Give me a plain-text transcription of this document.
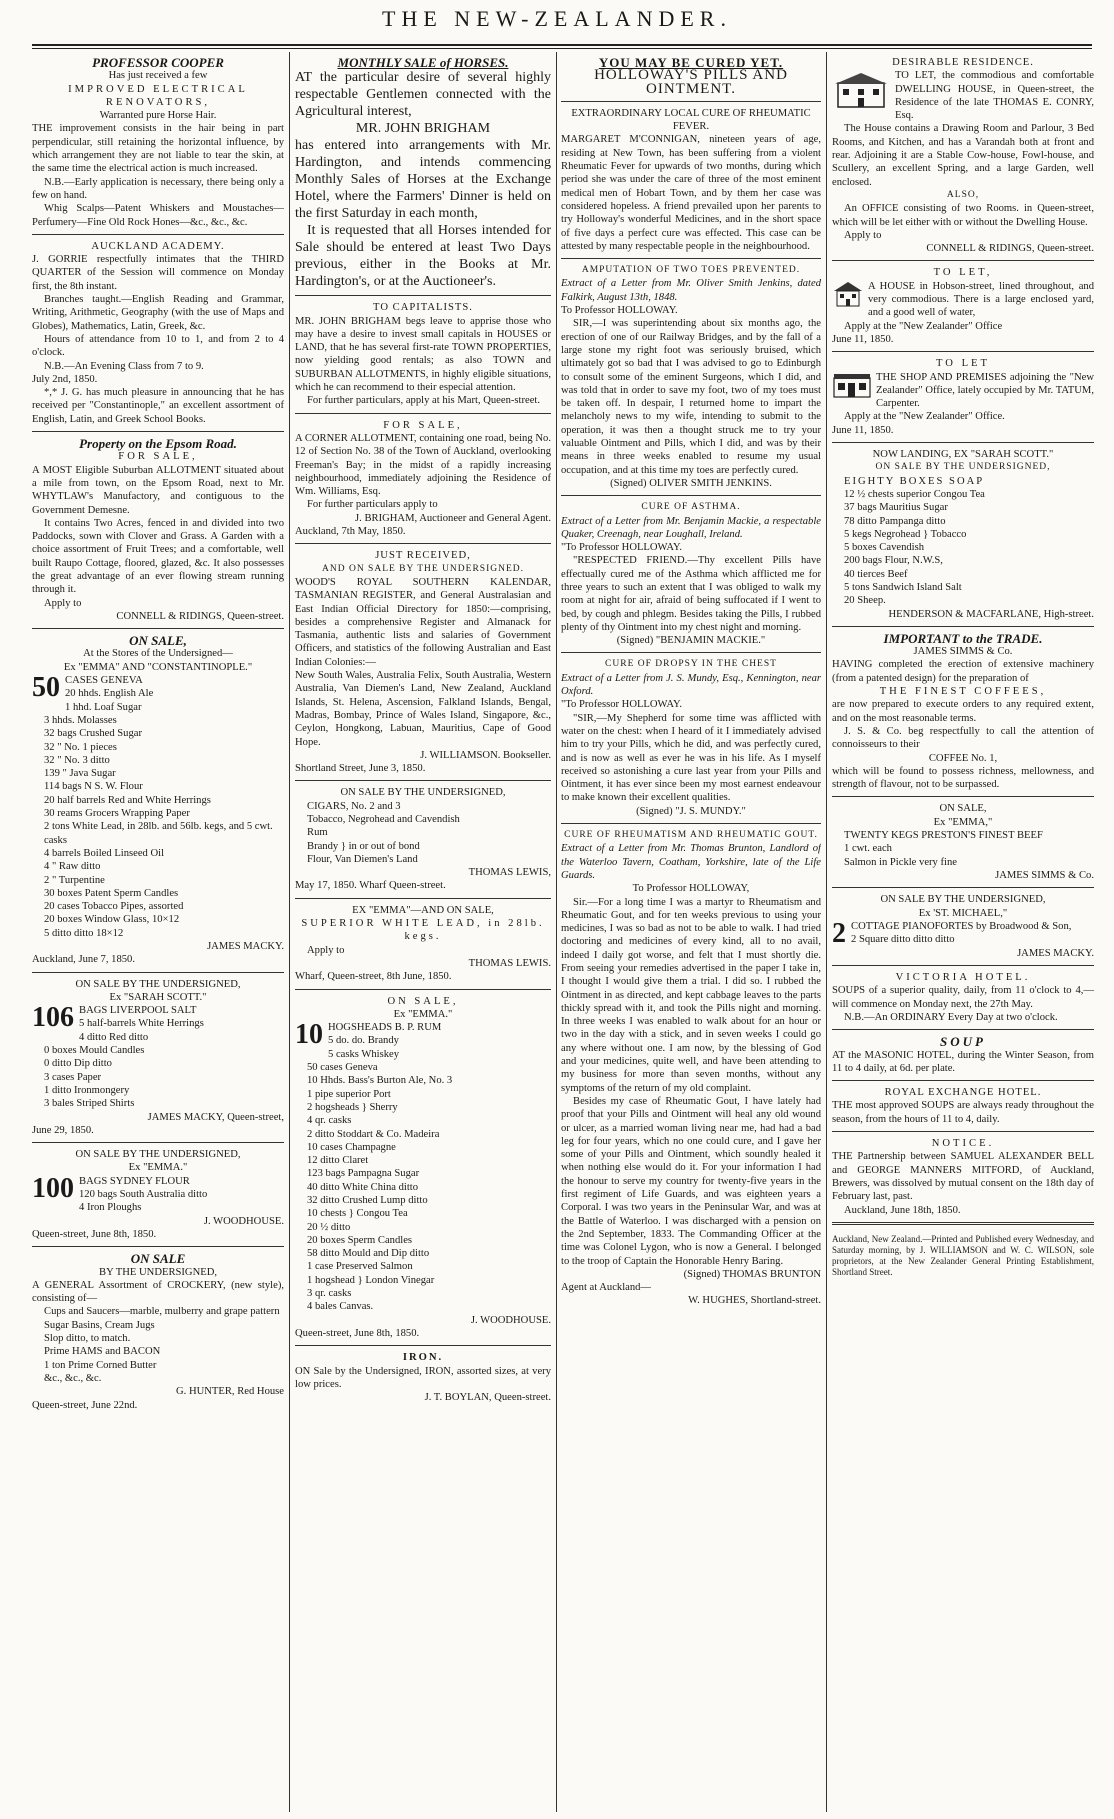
THE NEW-ZEALANDER.

PROFESSOR COOPER

Has just received a few

IMPROVED ELECTRICAL RENOVATORS,

Warranted pure Horse Hair.

THE improvement consists in the hair being in part perpendicular, still retaining the horizontal influence, by which arrangement they are not liable to tear the skin, at the same time the electrical action is much increased.

N.B.—Early application is necessary, there being only a few on hand.

Whig Scalps—Patent Whiskers and Moustaches—Perfumery—Fine Old Rock Hones—&c., &c., &c.

AUCKLAND ACADEMY.

J. GORRIE respectfully intimates that the THIRD QUARTER of the Session will commence on Monday first, the 8th instant.

Branches taught.—English Reading and Grammar, Writing, Arithmetic, Geography (with the use of Maps and Globes), Mathematics, Latin, Greek, &c.

Hours of attendance from 10 to 1, and from 2 to 4 o'clock.

N.B.—An Evening Class from 7 to 9.

July 2nd, 1850.

*,* J. G. has much pleasure in announcing that he has received per "Constantinople," an excellent assortment of English, Latin, and Greek School Books.

Property on the Epsom Road.

FOR SALE,

A MOST Eligible Suburban ALLOTMENT situated about a mile from town, on the Epsom Road, next to Mr. WHYTLAW's Manufactory, and contiguous to the Government Demesne.

It contains Two Acres, fenced in and divided into two Paddocks, sown with Clover and Grass. A Garden with a choice assortment of Fruit Trees; and a comfortable, well built Raupo Cottage, floored, glazed, &c. It also possesses the great advantage of an ever flowing stream running through it.

Apply to

CONNELL & RIDINGS, Queen-street.

ON SALE,

At the Stores of the Undersigned—

Ex "EMMA" AND "CONSTANTINOPLE."

50 CASES GENEVA

20 hhds. English Ale

1 hhd. Loaf Sugar

3 hhds. Molasses

32 bags Crushed Sugar

32 " No. 1 pieces

32 " No. 3 ditto

139 " Java Sugar

114 bags N S. W. Flour

20 half barrels Red and White Herrings

30 reams Grocers Wrapping Paper

2 tons White Lead, in 28lb. and 56lb. kegs, and 5 cwt. casks

4 barrels Boiled Linseed Oil

4 " Raw ditto

2 " Turpentine

30 boxes Patent Sperm Candles

20 cases Tobacco Pipes, assorted

20 boxes Window Glass, 10×12

5 ditto ditto 18×12

JAMES MACKY.

Auckland, June 7, 1850.

ON SALE BY THE UNDERSIGNED,

Ex "SARAH SCOTT."

106 BAGS LIVERPOOL SALT

5 half-barrels White Herrings

4 ditto Red ditto

0 boxes Mould Candles

0 ditto Dip ditto

3 cases Paper

1 ditto Ironmongery

3 bales Striped Shirts

JAMES MACKY, Queen-street,

June 29, 1850.

ON SALE BY THE UNDERSIGNED,

Ex "EMMA."

100 BAGS SYDNEY FLOUR

120 bags South Australia ditto

4 Iron Ploughs

J. WOODHOUSE.

Queen-street, June 8th, 1850.

ON SALE

BY THE UNDERSIGNED,

A GENERAL Assortment of CROCKERY, (new style), consisting of—

Cups and Saucers—marble, mulberry and grape pattern

Sugar Basins, Cream Jugs

Slop ditto, to match.

Prime HAMS and BACON

1 ton Prime Corned Butter

&c., &c., &c.

G. HUNTER, Red House

Queen-street, June 22nd.

MONTHLY SALE of HORSES.

AT the particular desire of several highly respectable Gentlemen connected with the Agricultural interest,

MR. JOHN BRIGHAM

has entered into arrangements with Mr. Hardington, and intends commencing Monthly Sales of Horses at the Exchange Hotel, where the Farmers' Dinner is held on the first Saturday in each month,

It is requested that all Horses intended for Sale should be entered at least Two Days previous, either in the Books at Mr. Hardington's, or at the Auctioneer's.

TO CAPITALISTS.

MR. JOHN BRIGHAM begs leave to apprise those who may have a desire to invest small capitals in HOUSES or LAND, that he has several first-rate TOWN PROPERTIES, now yielding good rentals; as also TOWN and SUBURBAN ALLOTMENTS, in highly eligible situations, which he can recommend to their especial attention.

For further particulars, apply at his Mart, Queen-street.

FOR SALE,

A CORNER ALLOTMENT, containing one road, being No. 12 of Section No. 38 of the Town of Auckland, overlooking Freeman's Bay; in the midst of a rapidly increasing neighbourhood, immediately adjoining the Residence of Wm. Williams, Esq.

For further particulars apply to

J. BRIGHAM, Auctioneer and General Agent.

Auckland, 7th May, 1850.

JUST RECEIVED,

AND ON SALE BY THE UNDERSIGNED.

WOOD'S ROYAL SOUTHERN KALENDAR, TASMANIAN REGISTER, and General Australasian and East Indian Official Directory for 1850:—comprising, besides a comprehensive Register and Almanack for Tasmania, authentic lists and salaries of Government Officers, and statistics of the following Australian and East Indian Colonies:—

New South Wales, Australia Felix, South Australia, Western Australia, Van Diemen's Land, New Zealand, Auckland Islands, St. Helena, Ascension, Falkland Islands, Bengal, Madras, Bombay, Prince of Wales Island, Singapore, &c., Ceylon, Hongkong, Labuan, Mauritius, Cape of Good Hope.

J. WILLIAMSON. Bookseller.

Shortland Street, June 3, 1850.

ON SALE BY THE UNDERSIGNED,

CIGARS, No. 2 and 3

Tobacco, Negrohead and Cavendish

Rum

Brandy } in or out of bond

Flour, Van Diemen's Land

THOMAS LEWIS,

May 17, 1850. Wharf Queen-street.

EX "EMMA"—AND ON SALE,

SUPERIOR WHITE LEAD, in 28lb. kegs.

Apply to

THOMAS LEWIS.

Wharf, Queen-street, 8th June, 1850.

ON SALE,

Ex "EMMA."

10 HOGSHEADS B. P. RUM

5 do. do. Brandy

5 casks Whiskey

50 cases Geneva

10 Hhds. Bass's Burton Ale, No. 3

1 pipe superior Port

2 hogsheads } Sherry

4 qr. casks

2 ditto Stoddart & Co. Madeira

10 cases Champagne

12 ditto Claret

123 bags Pampagna Sugar

40 ditto White China ditto

32 ditto Crushed Lump ditto

10 chests } Congou Tea

20 ½ ditto

20 boxes Sperm Candles

58 ditto Mould and Dip ditto

1 case Preserved Salmon

1 hogshead } London Vinegar

3 qr. casks

4 bales Canvas.

J. WOODHOUSE.

Queen-street, June 8th, 1850.

IRON.

ON Sale by the Undersigned, IRON, assorted sizes, at very low prices.

J. T. BOYLAN, Queen-street.

YOU MAY BE CURED YET.

HOLLOWAY'S PILLS AND OINTMENT.

EXTRAORDINARY LOCAL CURE OF RHEUMATIC FEVER.

MARGARET M'CONNIGAN, nineteen years of age, residing at New Town, has been suffering from a violent Rheumatic Fever for upwards of two months, during which period she was under the care of three of the most eminent medical men of Hobart Town, and by them her case was considered hopeless. A friend prevailed upon her parents to try Holloway's wonderful Medicines, and in the short space of five days a perfect cure was effected. This case can be attested by many respectable people in the neighbourhood.

AMPUTATION OF TWO TOES PREVENTED.

Extract of a Letter from Mr. Oliver Smith Jenkins, dated Falkirk, August 13th, 1848.

To Professor HOLLOWAY.

SIR,—I was superintending about six months ago, the erection of one of our Railway Bridges, and by the fall of a large stone my right foot was seriously bruised, which ultimately got so bad that I was advised to go to Edinburgh to consult some of the eminent Surgeons, which I did, and was told that in order to save my foot, two of my toes must be taken off. In despair, I returned home to impart the melancholy news to my wife, intending to submit to the operation, it was then a thought struck me to try your valuable Ointment and Pills, which I did, and was by their means in three weeks enabled to resume my usual occupation, and at this time my toes are perfectly cured.

(Signed) OLIVER SMITH JENKINS.

CURE OF ASTHMA.

Extract of a Letter from Mr. Benjamin Mackie, a respectable Quaker, Creenagh, near Loughall, Ireland.

"To Professor HOLLOWAY.

"RESPECTED FRIEND.—Thy excellent Pills have effectually cured me of the Asthma which afflicted me for three years to such an extent that I was obliged to walk my room at night for air, afraid of being suffocated if I went to bed, by cough and phlegm. Besides taking the Pills, I rubbed plenty of thy Ointment into my chest night and morning.

(Signed) "BENJAMIN MACKIE."

CURE OF DROPSY IN THE CHEST

Extract of a Letter from J. S. Mundy, Esq., Kennington, near Oxford.

"To Professor HOLLOWAY.

"SIR,—My Shepherd for some time was afflicted with water on the chest: when I heard of it I immediately advised him to try your Pills, which he did, and was perfectly cured, and is now as well as ever he was in his life. As I myself received so astonishing a cure last year from your Pills and Ointment, it has ever since been my most earnest endeavour to make known their excellent qualities.

(Signed) "J. S. MUNDY."

CURE OF RHEUMATISM AND RHEUMATIC GOUT.

Extract of a Letter from Mr. Thomas Brunton, Landlord of the Waterloo Tavern, Coatham, Yorkshire, late of the Life Guards.

To Professor HOLLOWAY,

Sir.—For a long time I was a martyr to Rheumatism and Rheumatic Gout, and for ten weeks previous to using your medicines, I was so bad as not to be able to walk. I had tried doctoring and medicines of every kind, all to no avail, indeed I daily got worse, and felt that I must shortly die. From seeing your remedies advertised in the paper I take in, I thought I would give them a trial. I did so. I rubbed the Ointment in as directed, and kept cabbage leaves to the parts thickly spread with it, and took the Pills night and morning. In three weeks I was enabled to walk about for an hour or two in the day with a stick, and in seven weeks I could go any where without one. I am now, by the blessing of God and your medicines, quite well, and have been attending to my business for more than seven months, without any symptoms of the return of my old complaint.

Besides my case of Rheumatic Gout, I have lately had proof that your Pills and Ointment will heal any old wound or ulcer, as a married woman living near me, had had a bad leg for four years, which no one could cure, and I gave her some of your Pills and Ointment, which soundly healed it when nothing else would do it. For your information I had the honour to serve my country for twenty-five years in the first regiment of Life Guards, and was eighteen years a Corporal. I was two years in the Peninsular War, and was at the Battle of Waterloo. I was discharged with a pension on the 2nd September, 1833. The Commanding Officer at the time was Colonel Lygon, who is now a General. I belonged to the troop of Captain the Honorable Henry Baring.

(Signed) THOMAS BRUNTON

Agent at Auckland—

W. HUGHES, Shortland-street.

DESIRABLE RESIDENCE.

TO LET, the commodious and comfortable DWELLING HOUSE, in Queen-street, the Residence of the late THOMAS E. CONRY, Esq.

The House contains a Drawing Room and Parlour, 3 Bed Rooms, and Kitchen, and has a Varandah both at front and rear. Adjoining it are a Stable Cow-house, Fowl-house, and Scullery, an excellent Spring, and a large Garden, well enclosed.

ALSO,

An OFFICE consisting of two Rooms. in Queen-street, which will be let either with or without the Dwelling House.

Apply to

CONNELL & RIDINGS, Queen-street.

TO LET,

A HOUSE in Hobson-street, lined throughout, and very commodious. There is a large enclosed yard, and a good well of water,

Apply at the "New Zealander" Office

June 11, 1850.

TO LET

THE SHOP AND PREMISES adjoining the "New Zealander" Office, lately occupied by Mr. TATUM, Carpenter.

Apply at the "New Zealander" Office.

June 11, 1850.

NOW LANDING, EX "SARAH SCOTT."

ON SALE BY THE UNDERSIGNED,

EIGHTY BOXES SOAP

12 ½ chests superior Congou Tea

37 bags Mauritius Sugar

78 ditto Pampanga ditto

5 kegs Negrohead } Tobacco

5 boxes Cavendish

200 bags Flour, N.W.S,

40 tierces Beef

5 tons Sandwich Island Salt

20 Sheep.

HENDERSON & MACFARLANE, High-street.

IMPORTANT to the TRADE.

JAMES SIMMS & Co.

HAVING completed the erection of extensive machinery (from a patented design) for the preparation of

THE FINEST COFFEES,

are now prepared to execute orders to any required extent, and on the most reasonable terms.

J. S. & Co. beg respectfully to call the attention of connoisseurs to their

COFFEE No. 1,

which will be found to possess richness, mellowness, and strength of flavour, not to be surpassed.

ON SALE,

Ex "EMMA,"

TWENTY KEGS PRESTON'S FINEST BEEF

1 cwt. each

Salmon in Pickle very fine

JAMES SIMMS & Co.

ON SALE BY THE UNDERSIGNED,

Ex 'ST. MICHAEL,"

2 COTTAGE PIANOFORTES by Broadwood & Son,

2 Square ditto ditto ditto

JAMES MACKY.

VICTORIA HOTEL.

SOUPS of a superior quality, daily, from 11 o'clock to 4,—will commence on Monday next, the 27th May.

N.B.—An ORDINARY Every Day at two o'clock.

SOUP

AT the MASONIC HOTEL, during the Winter Season, from 11 to 4 daily, at 6d. per plate.

ROYAL EXCHANGE HOTEL.

THE most approved SOUPS are always ready throughout the season, from the hours of 11 to 4, daily.

NOTICE.

THE Partnership between SAMUEL ALEXANDER BELL and GEORGE MANNERS MITFORD, of Auckland, Brewers, was dissolved by mutual consent on the 18th day of February last, past.

Auckland, June 18th, 1850.

Auckland, New Zealand.—Printed and Published every Wednesday, and Saturday morning, by J. WILLIAMSON and W. C. WILSON, sole proprietors, at the New Zealander General Printing Establishment, Shortland Street.
